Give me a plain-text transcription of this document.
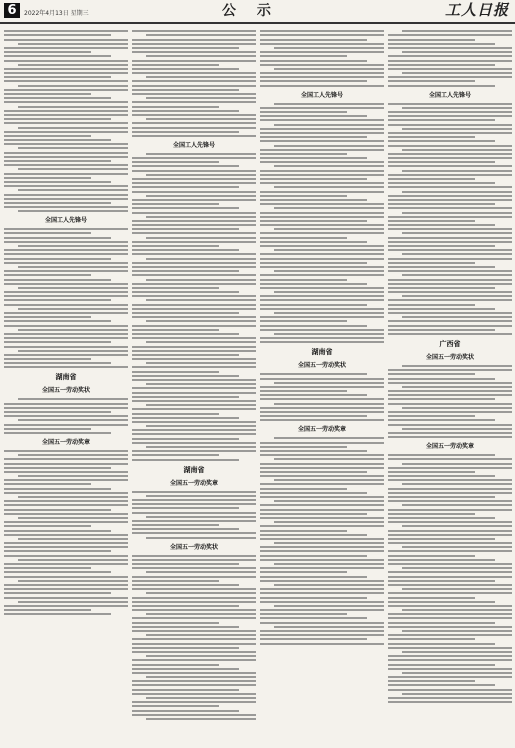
6	2022年4月13日 星期三	公 示	工人日报
全国工人先锋号
湖南省
全国五一劳动奖状
全国五一劳动奖章
全国工人先锋号
湖南省
全国五一劳动奖章
全国五一劳动奖状
全国工人先锋号
湖南省
全国五一劳动奖状
全国五一劳动奖章
全国工人先锋号
广西省
全国五一劳动奖状
全国五一劳动奖章
